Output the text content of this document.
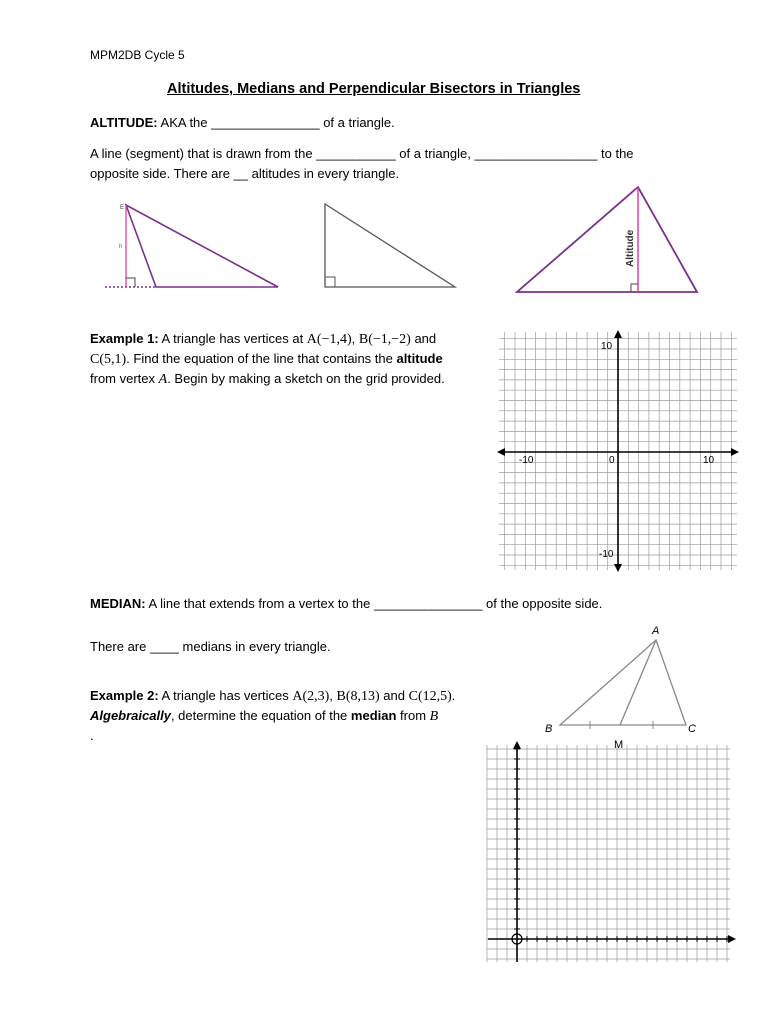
MPM2DB Cycle 5
Altitudes, Medians and Perpendicular Bisectors in Triangles
ALTITUDE: AKA the _______________ of a triangle.
A line (segment) that is drawn from the ___________ of a triangle, _________________ to the
opposite side. There are __ altitudes in every triangle.
E
h	Altitude
Example 1: A triangle has vertices at A(−1,4), B(−1,−2) and
C(5,1). Find the equation of the line that contains the altitude
from vertex A. Begin by making a sketch on the grid provided.
-10	0	10
10
-10
MEDIAN: A line that extends from a vertex to the _______________ of the opposite side.
There are ____ medians in every triangle.
A
B	C
M
Example 2: A triangle has vertices A(2,3), B(8,13) and C(12,5).
Algebraically, determine the equation of the median from B
.
